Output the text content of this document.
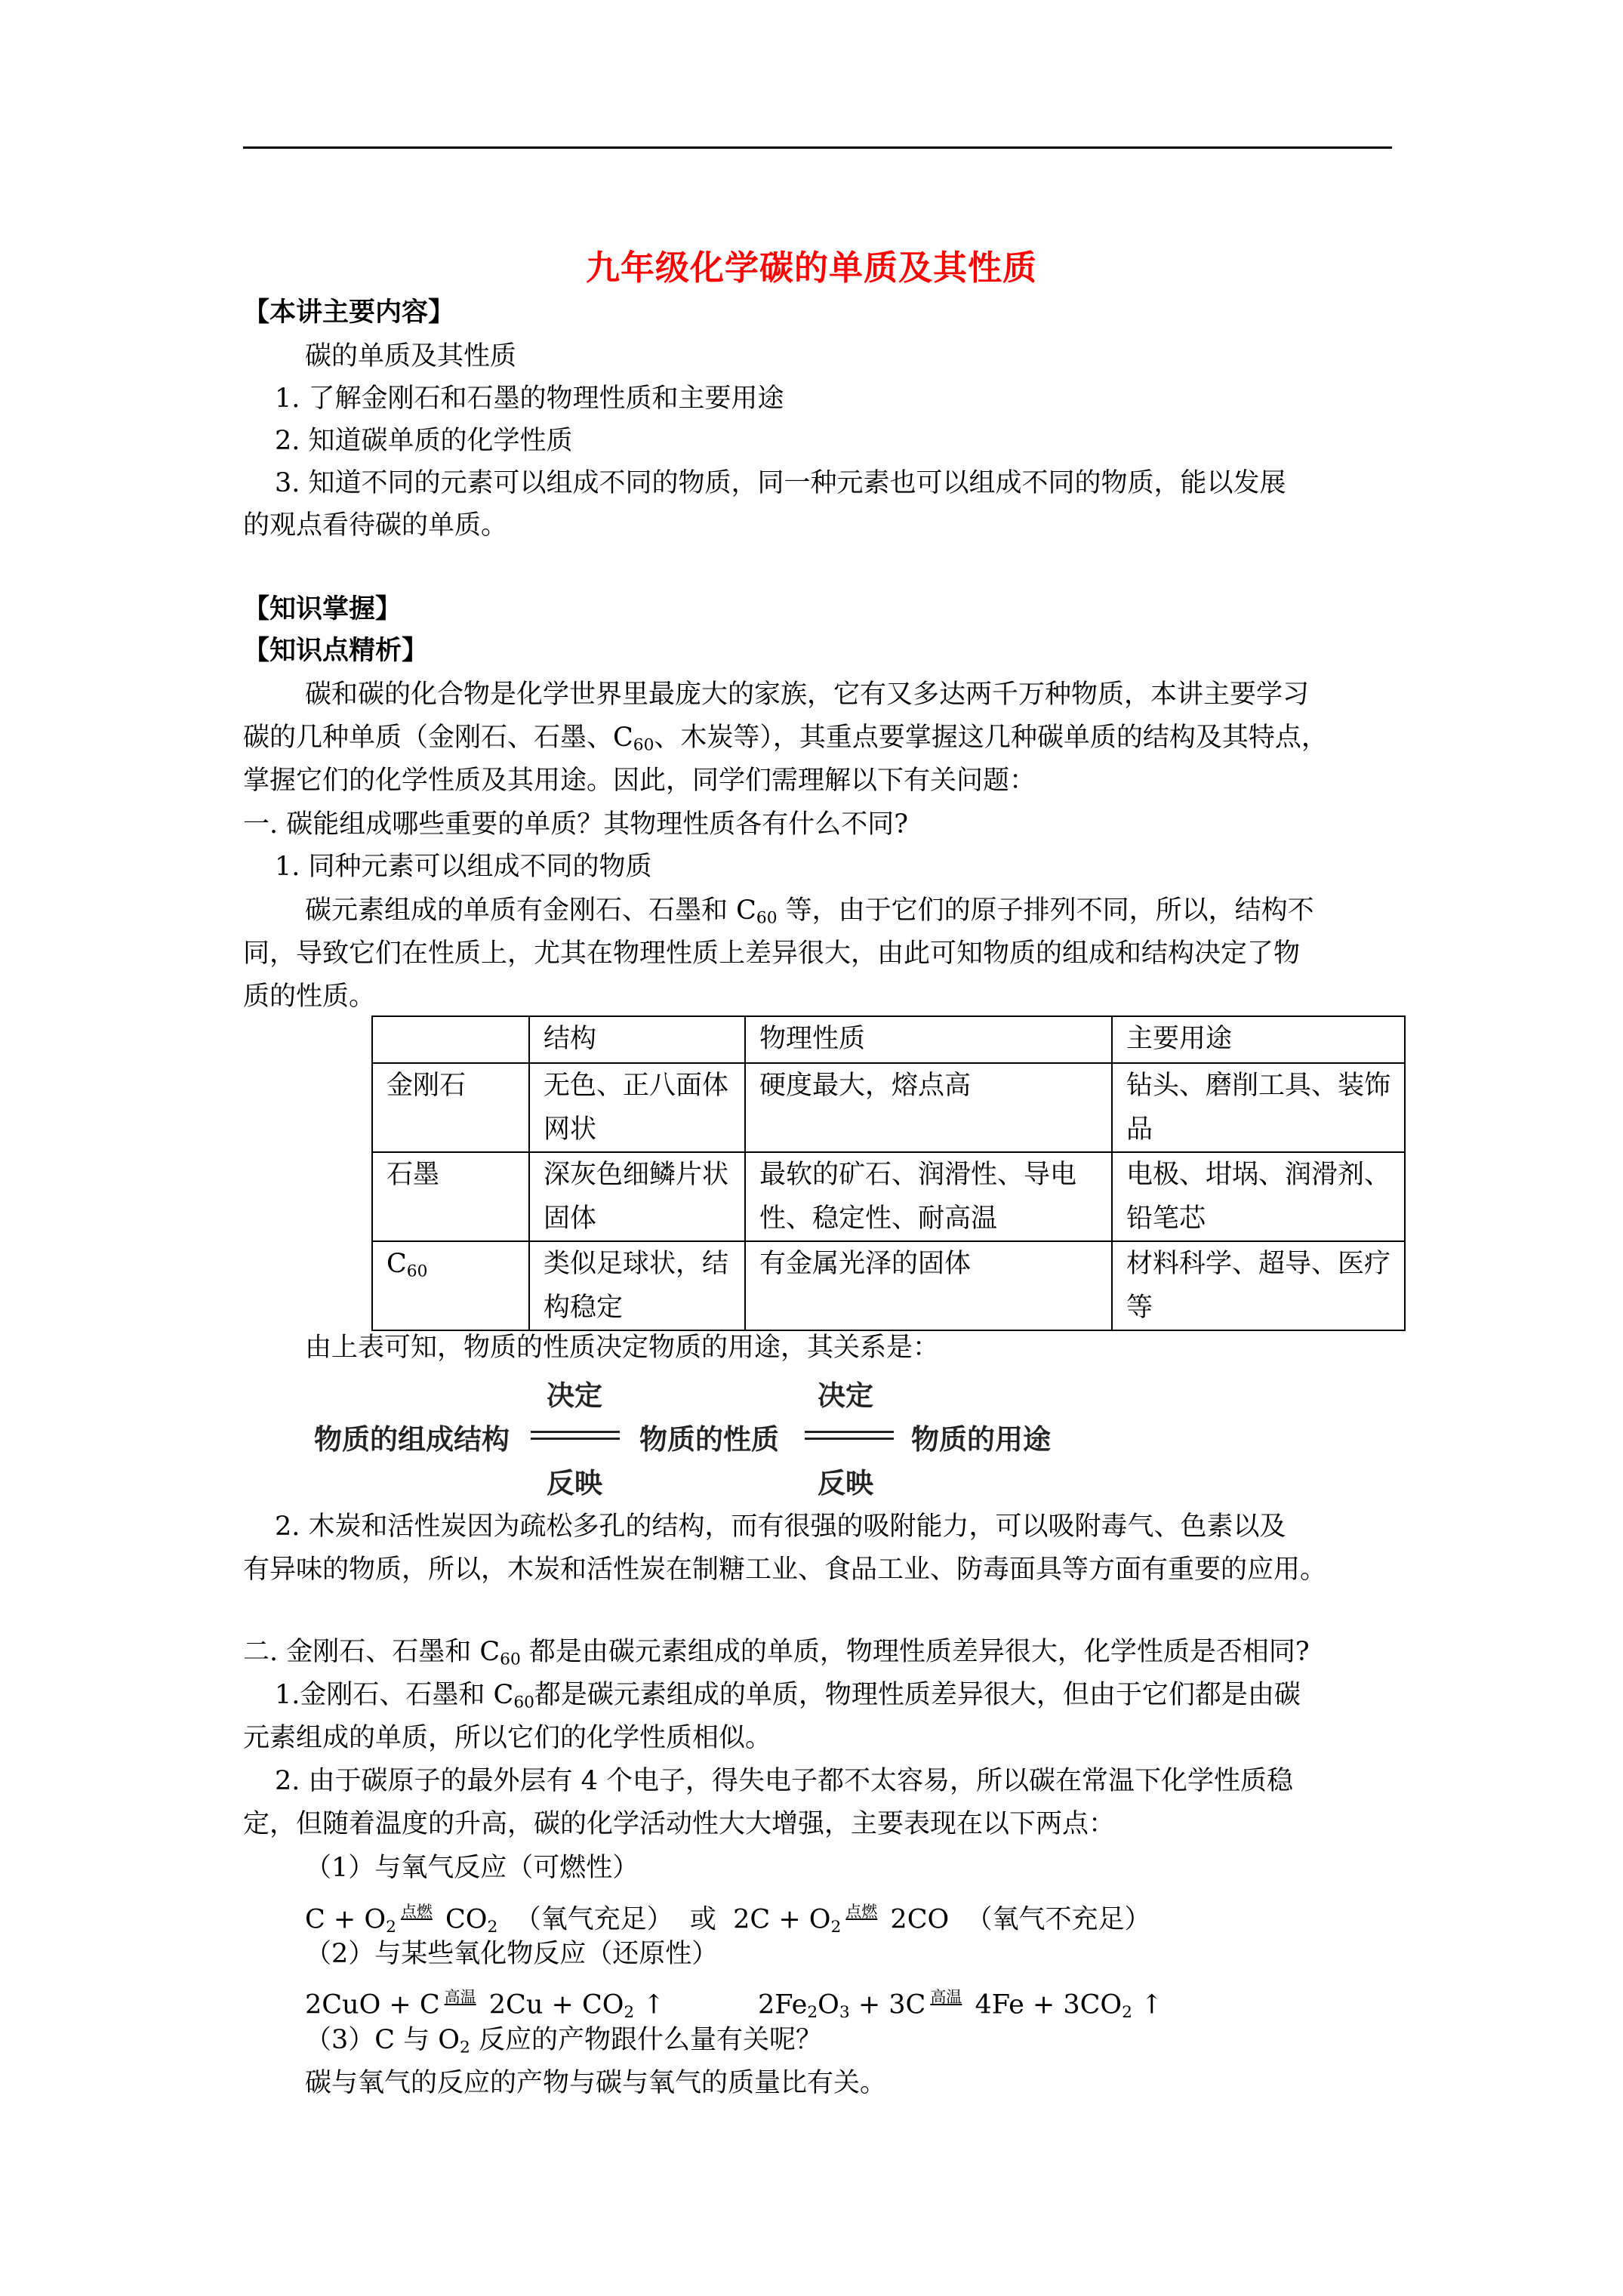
九年级化学碳的单质及其性质
【本讲主要内容】
碳的单质及其性质
1. 了解金刚石和石墨的物理性质和主要用途
2. 知道碳单质的化学性质
3. 知道不同的元素可以组成不同的物质，同一种元素也可以组成不同的物质，能以发展
的观点看待碳的单质。
【知识掌握】
【知识点精析】
碳和碳的化合物是化学世界里最庞大的家族，它有又多达两千万种物质，本讲主要学习
碳的几种单质（金刚石、石墨、$C_{60}$、木炭等），其重点要掌握这几种碳单质的结构及其特点，
掌握它们的化学性质及其用途。因此，同学们需理解以下有关问题：
一. 碳能组成哪些重要的单质？其物理性质各有什么不同?
1. 同种元素可以组成不同的物质
碳元素组成的单质有金刚石、石墨和 $C_{60}$ 等，由于它们的原子排列不同，所以，结构不
同，导致它们在性质上，尤其在物理性质上差异很大，由此可知物质的组成和结构决定了物
质的性质。
	结构	物理性质	主要用途
金刚石	无色、正八面体网状	硬度最大，熔点高	钻头、磨削工具、装饰品
石墨	深灰色细鳞片状固体	最软的矿石、润滑性、导电性、稳定性、耐高温	电极、坩埚、润滑剂、铅笔芯
$C_{60}$	类似足球状，结构稳定	有金属光泽的固体	材料科学、超导、医疗等
由上表可知，物质的性质决定物质的用途，其关系是：
决定	决定
物质的组成结构	物质的性质	物质的用途
反映	反映
2. 木炭和活性炭因为疏松多孔的结构，而有很强的吸附能力，可以吸附毒气、色素以及
有异味的物质，所以，木炭和活性炭在制糖工业、食品工业、防毒面具等方面有重要的应用。
二. 金刚石、石墨和 $C_{60}$ 都是由碳元素组成的单质，物理性质差异很大，化学性质是否相同?
1.金刚石、石墨和 $C_{60}$都是碳元素组成的单质，物理性质差异很大，但由于它们都是由碳
元素组成的单质，所以它们的化学性质相似。
2. 由于碳原子的最外层有 4 个电子，得失电子都不太容易，所以碳在常温下化学性质稳
定，但随着温度的升高，碳的化学活动性大大增强，主要表现在以下两点：
（1）与氧气反应（可燃性）
$C + O_2$点燃 $CO_2$ （氧气充足） 或 $2C + O_2$点燃 2CO （氧气不充足）
（2）与某些氧化物反应（还原性）
2CuO + C 高温 $2Cu + CO_2$ ↑	$2Fe_2O_3 + 3C$ 高温 $4Fe + 3CO_2$ ↑
（3）C 与 $O_2$ 反应的产物跟什么量有关呢？
碳与氧气的反应的产物与碳与氧气的质量比有关。
